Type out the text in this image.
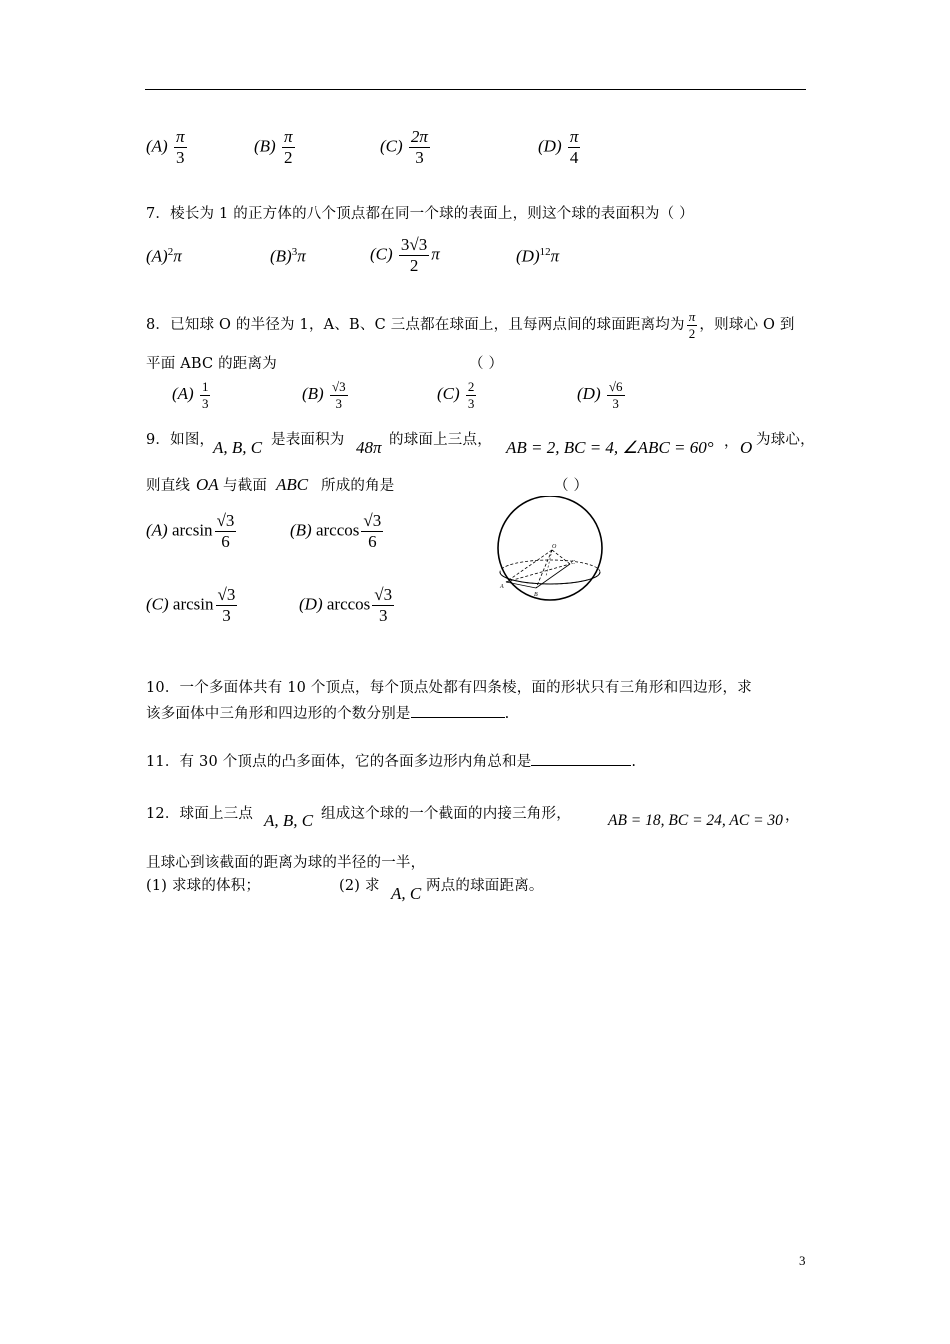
$(A) \frac{\pi}{3}$	$(B) \frac{\pi}{2}$	$(C) \frac{2\pi}{3}$	$(D) \frac{\pi}{4}$
7．棱长为 1 的正方体的八个顶点都在同一个球的表面上，则这个球的表面积为（ ）
$(A)^2\pi$	$(B)^3\pi$	$(C) \frac{3√3}{2}$ π	$(D)^{12}\pi$
8．已知球 O 的半径为 1，A、B、C 三点都在球面上，且每两点间的球面距离均为 $\frac{\pi}{2}$ ，则球心 O 到
平面 ABC 的距离为	（ ）
$(A) \frac{1}{3}$	$(B) \frac{√3}{3}$	$(C) \frac{2}{3}$	$(D) \frac{√6}{3}$
9．如图，
A, B, C 是表面积为 48π 的球面上三点， AB = 2, BC = 4, ∠ABC = 60° ， O 为球心，
则直线 OA 与截面 ABC 所成的角是	（ ）
(A) $\arcsin \frac{√3}{6}$	(B) $\arccos \frac{√3}{6}$
(C) $\arcsin \frac{√3}{3}$	(D) $\arccos \frac{√3}{3}$
O
C
A
B
10．一个多面体共有 10 个顶点，每个顶点处都有四条棱，面的形状只有三角形和四边形，求
该多面体中三角形和四边形的个数分别是	.
11．有 30 个顶点的凸多面体，它的各面多边形内角总和是	.
12．球面上三点 A, B, C 组成这个球的一个截面的内接三角形， AB = 18, BC = 24, AC = 30 ，
且球心到该截面的距离为球的半径的一半，
(1) 求球的体积；	(2) 求 A, C 两点的球面距离。
3
